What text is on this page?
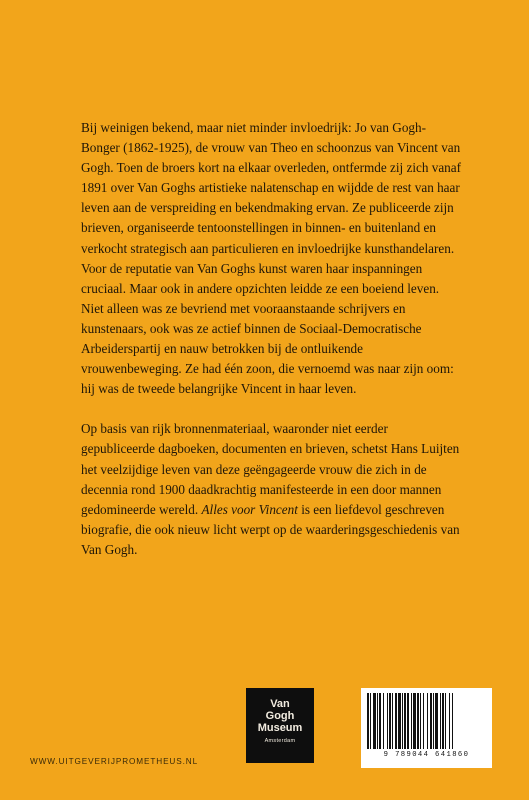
Bij weinigen bekend, maar niet minder invloedrijk: Jo van Gogh-Bonger (1862-1925), de vrouw van Theo en schoonzus van Vincent van Gogh. Toen de broers kort na elkaar overleden, ontfermde zij zich vanaf 1891 over Van Goghs artistieke nalatenschap en wijdde de rest van haar leven aan de verspreiding en bekendmaking ervan. Ze publiceerde zijn brieven, organiseerde tentoonstellingen in binnen- en buitenland en verkocht strategisch aan particulieren en invloedrijke kunsthandelaren. Voor de reputatie van Van Goghs kunst waren haar inspanningen cruciaal. Maar ook in andere opzichten leidde ze een boeiend leven. Niet alleen was ze bevriend met vooraanstaande schrijvers en kunstenaars, ook was ze actief binnen de Sociaal-Democratische Arbeiderspartij en nauw betrokken bij de ontluikende vrouwenbeweging. Ze had één zoon, die vernoemd was naar zijn oom: hij was de tweede belangrijke Vincent in haar leven.

Op basis van rijk bronnenmateriaal, waaronder niet eerder gepubliceerde dagboeken, documenten en brieven, schetst Hans Luijten het veelzijdige leven van deze geëngageerde vrouw die zich in de decennia rond 1900 daadkrachtig manifesteerde in een door mannen gedomineerde wereld. Alles voor Vincent is een liefdevol geschreven biografie, die ook nieuw licht werpt op de waarderingsgeschiedenis van Van Gogh.

WWW.UITGEVERIJPROMETHEUS.NL
Van
Gogh
Museum
Amsterdam
9 789044 641860
